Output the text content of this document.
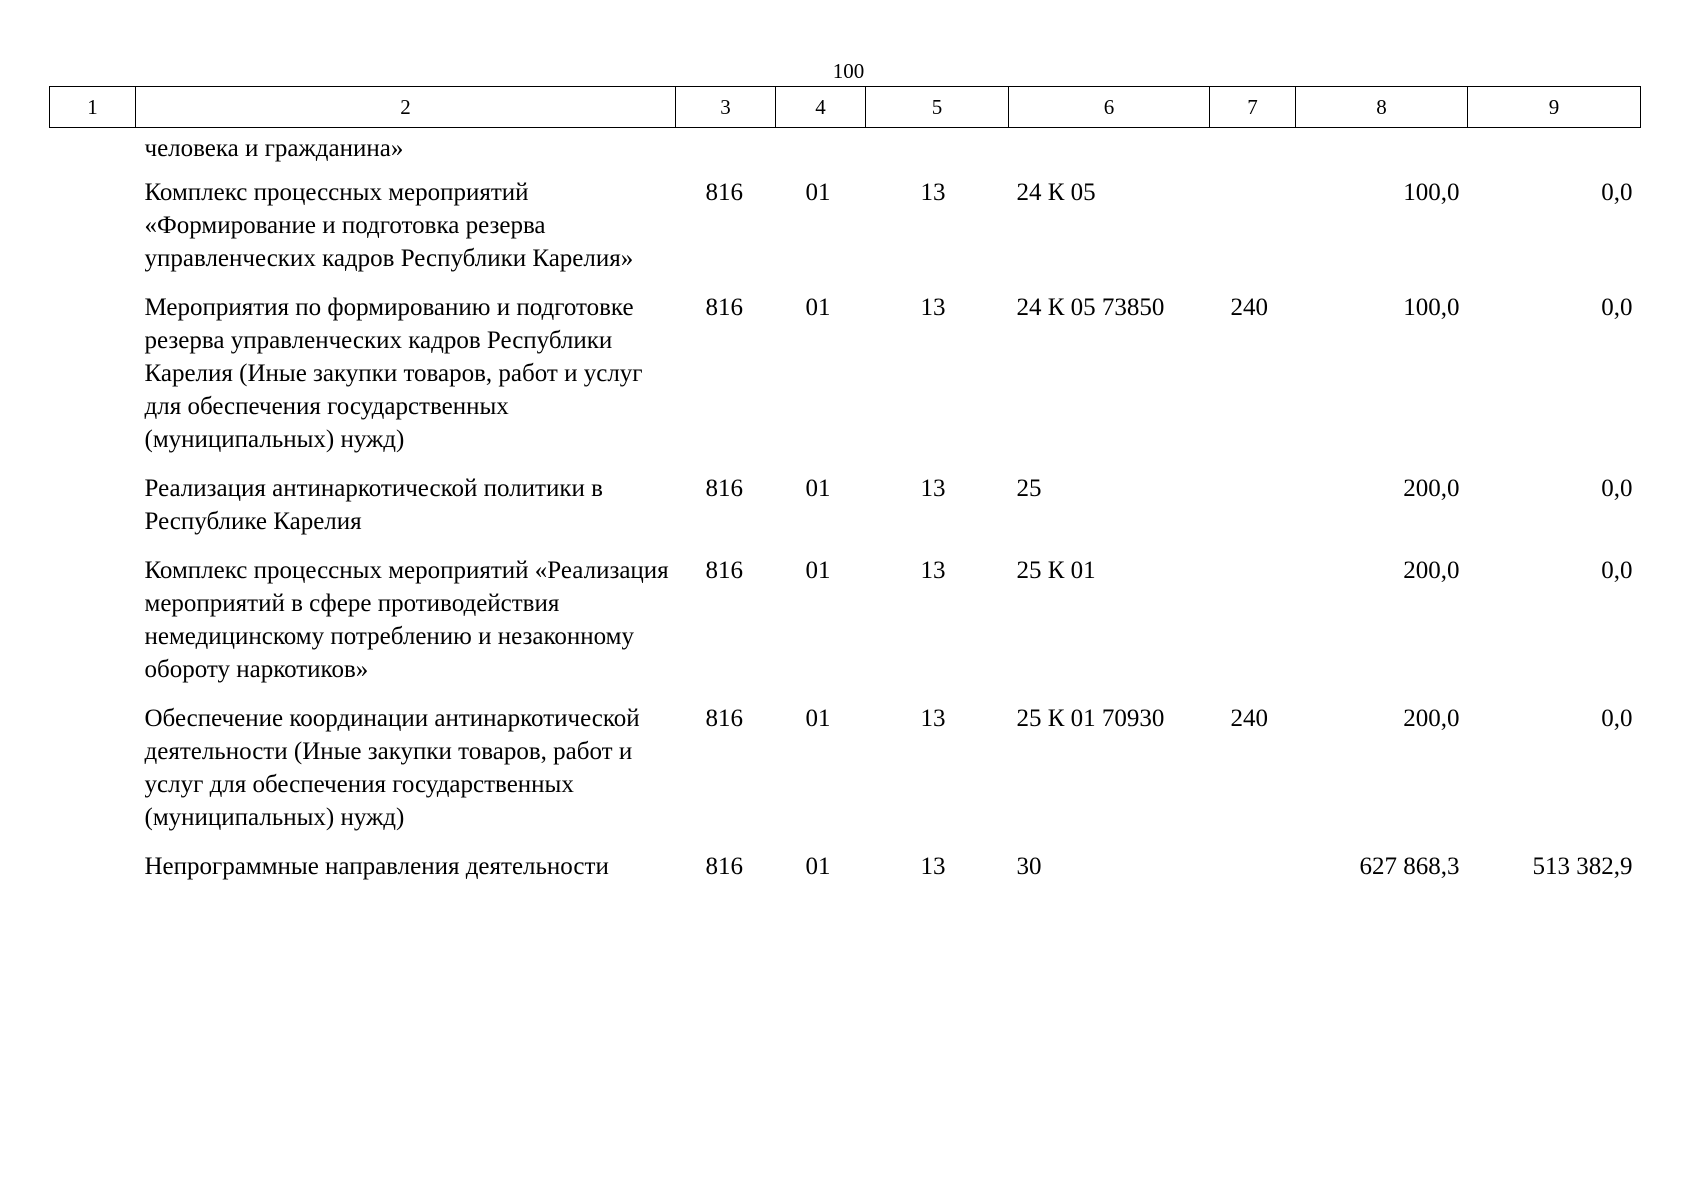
100
1	2	3	4	5	6	7	8	9
	человека и гражданина»							
	Комплекс процессных мероприятий «Формирование и подготовка резерва управленческих кадров Республики Карелия»	816	01	13	24 К 05		100,0	0,0
	Мероприятия по формированию и подготовке резерва управленческих кадров Республики Карелия (Иные закупки товаров, работ и услуг для обеспечения государственных (муниципальных) нужд)	816	01	13	24 К 05 73850	240	100,0	0,0
	Реализация антинаркотической политики в Республике Карелия	816	01	13	25		200,0	0,0
	Комплекс процессных мероприятий «Реализация мероприятий в сфере противодействия немедицинскому потреблению и незаконному обороту наркотиков»	816	01	13	25 К 01		200,0	0,0
	Обеспечение координации антинаркотической деятельности (Иные закупки товаров, работ и услуг для обеспечения государственных (муниципальных) нужд)	816	01	13	25 К 01 70930	240	200,0	0,0
	Непрограммные направления деятельности	816	01	13	30		627 868,3	513 382,9
